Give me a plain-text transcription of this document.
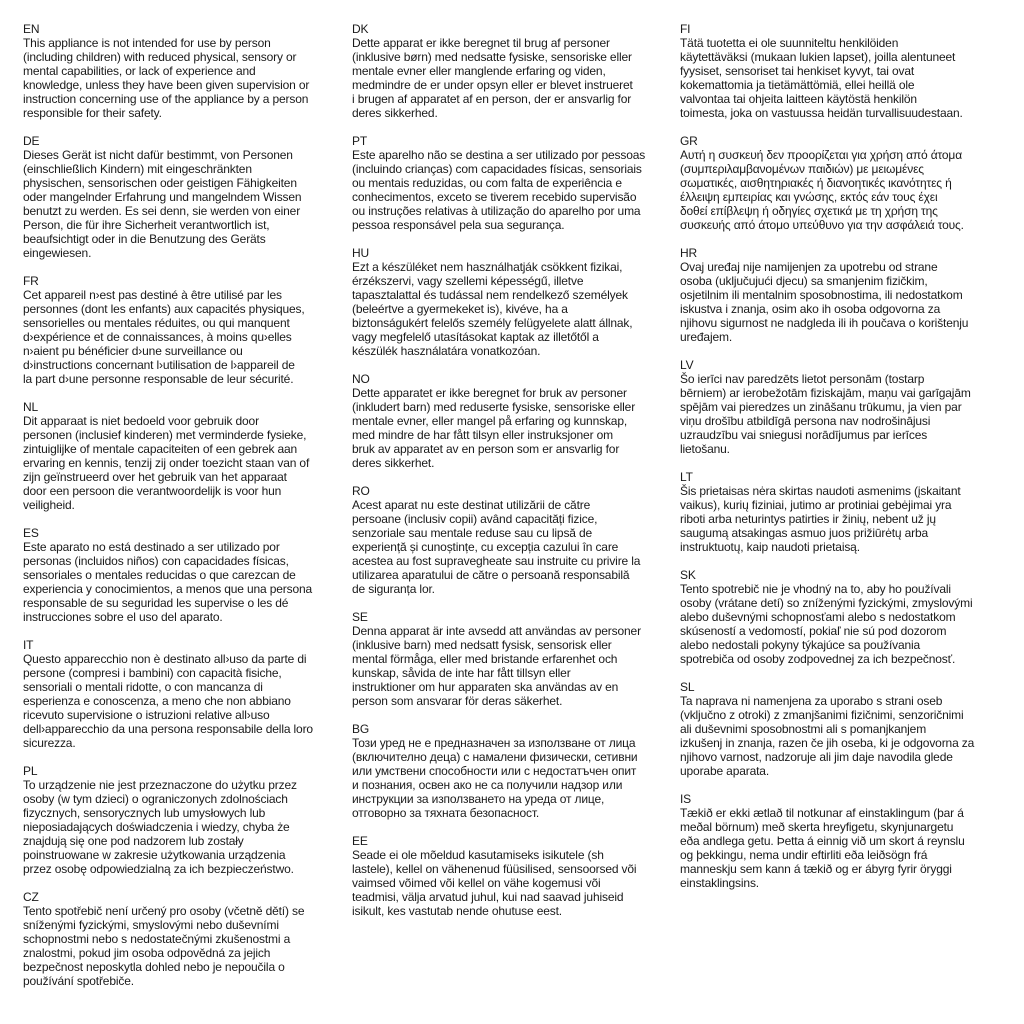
EN
This appliance is not intended for use by person
(including children) with reduced physical, sensory or
mental capabilities, or lack of experience and
knowledge, unless they have been given supervision or
instruction concerning use of the appliance by a person
responsible for their safety.
DE
Dieses Gerät ist nicht dafür bestimmt, von Personen
(einschließlich Kindern) mit eingeschränkten
physischen, sensorischen oder geistigen Fähigkeiten
oder mangelnder Erfahrung und mangelndem Wissen
benutzt zu werden. Es sei denn, sie werden von einer
Person, die für ihre Sicherheit verantwortlich ist,
beaufsichtigt oder in die Benutzung des Geräts
eingewiesen.
FR
Cet appareil n›est pas destiné à être utilisé par les
personnes (dont les enfants) aux capacités physiques,
sensorielles ou mentales réduites, ou qui manquent
d›expérience et de connaissances, à moins qu›elles
n›aient pu bénéficier d›une surveillance ou
d›instructions concernant l›utilisation de l›appareil de
la part d›une personne responsable de leur sécurité.
NL
Dit apparaat is niet bedoeld voor gebruik door
personen (inclusief kinderen) met verminderde fysieke,
zintuiglijke of mentale capaciteiten of een gebrek aan
ervaring en kennis, tenzij zij onder toezicht staan van of
zijn geïnstrueerd over het gebruik van het apparaat
door een persoon die verantwoordelijk is voor hun
veiligheid.
ES
Este aparato no está destinado a ser utilizado por
personas (incluidos niños) con capacidades físicas,
sensoriales o mentales reducidas o que carezcan de
experiencia y conocimientos, a menos que una persona
responsable de su seguridad les supervise o les dé
instrucciones sobre el uso del aparato.
IT
Questo apparecchio non è destinato all›uso da parte di
persone (compresi i bambini) con capacità fisiche,
sensoriali o mentali ridotte, o con mancanza di
esperienza e conoscenza, a meno che non abbiano
ricevuto supervisione o istruzioni relative all›uso
dell›apparecchio da una persona responsabile della loro
sicurezza.
PL
To urządzenie nie jest przeznaczone do użytku przez
osoby (w tym dzieci) o ograniczonych zdolnościach
fizycznych, sensorycznych lub umysłowych lub
nieposiadających doświadczenia i wiedzy, chyba że
znajdują się one pod nadzorem lub zostały
poinstruowane w zakresie użytkowania urządzenia
przez osobę odpowiedzialną za ich bezpieczeństwo.
CZ
Tento spotřebič není určený pro osoby (včetně dětí) se
sníženými fyzickými, smyslovými nebo duševními
schopnostmi nebo s nedostatečnými zkušenostmi a
znalostmi, pokud jim osoba odpovědná za jejich
bezpečnost neposkytla dohled nebo je nepoučila o
používání spotřebiče.
DK
Dette apparat er ikke beregnet til brug af personer
(inklusive børn) med nedsatte fysiske, sensoriske eller
mentale evner eller manglende erfaring og viden,
medmindre de er under opsyn eller er blevet instrueret
i brugen af apparatet af en person, der er ansvarlig for
deres sikkerhed.
PT
Este aparelho não se destina a ser utilizado por pessoas
(incluindo crianças) com capacidades físicas, sensoriais
ou mentais reduzidas, ou com falta de experiência e
conhecimentos, exceto se tiverem recebido supervisão
ou instruções relativas à utilização do aparelho por uma
pessoa responsável pela sua segurança.
HU
Ezt a készüléket nem használhatják csökkent fizikai,
érzékszervi, vagy szellemi képességű, illetve
tapasztalattal és tudással nem rendelkező személyek
(beleértve a gyermekeket is), kivéve, ha a
biztonságukért felelős személy felügyelete alatt állnak,
vagy megfelelő utasításokat kaptak az illetőtől a
készülék használatára vonatkozóan.
NO
Dette apparatet er ikke beregnet for bruk av personer
(inkludert barn) med reduserte fysiske, sensoriske eller
mentale evner, eller mangel på erfaring og kunnskap,
med mindre de har fått tilsyn eller instruksjoner om
bruk av apparatet av en person som er ansvarlig for
deres sikkerhet.
RO
Acest aparat nu este destinat utilizării de către
persoane (inclusiv copii) având capacități fizice,
senzoriale sau mentale reduse sau cu lipsă de
experiență și cunoștințe, cu excepția cazului în care
acestea au fost supravegheate sau instruite cu privire la
utilizarea aparatului de către o persoană responsabilă
de siguranța lor.
SE
Denna apparat är inte avsedd att användas av personer
(inklusive barn) med nedsatt fysisk, sensorisk eller
mental förmåga, eller med bristande erfarenhet och
kunskap, såvida de inte har fått tillsyn eller
instruktioner om hur apparaten ska användas av en
person som ansvarar för deras säkerhet.
BG
Този уред не е предназначен за използване от лица
(включително деца) с намалени физически, сетивни
или умствени способности или с недостатъчен опит
и познания, освен ако не са получили надзор или
инструкции за използването на уреда от лице,
отговорно за тяхната безопасност.
EE
Seade ei ole mõeldud kasutamiseks isikutele (sh
lastele), kellel on vähenenud füüsilised, sensoorsed või
vaimsed võimed või kellel on vähe kogemusi või
teadmisi, välja arvatud juhul, kui nad saavad juhiseid
isikult, kes vastutab nende ohutuse eest.
FI
Tätä tuotetta ei ole suunniteltu henkilöiden
käytettäväksi (mukaan lukien lapset), joilla alentuneet
fyysiset, sensoriset tai henkiset kyvyt, tai ovat
kokemattomia ja tietämättömiä, ellei heillä ole
valvontaa tai ohjeita laitteen käytöstä henkilön
toimesta, joka on vastuussa heidän turvallisuudestaan.
GR
Αυτή η συσκευή δεν προορίζεται για χρήση από άτομα
(συμπεριλαμβανομένων παιδιών) με μειωμένες
σωματικές, αισθητηριακές ή διανοητικές ικανότητες ή
έλλειψη εμπειρίας και γνώσης, εκτός εάν τους έχει
δοθεί επίβλεψη ή οδηγίες σχετικά με τη χρήση της
συσκευής από άτομο υπεύθυνο για την ασφάλειά τους.
HR
Ovaj uređaj nije namijenjen za upotrebu od strane
osoba (uključujući djecu) sa smanjenim fizičkim,
osjetilnim ili mentalnim sposobnostima, ili nedostatkom
iskustva i znanja, osim ako ih osoba odgovorna za
njihovu sigurnost ne nadgleda ili ih poučava o korištenju
uređajem.
LV
Šo ierīci nav paredzēts lietot personām (tostarp
bērniem) ar ierobežotām fiziskajām, maņu vai garīgajām
spējām vai pieredzes un zināšanu trūkumu, ja vien par
viņu drošību atbildīgā persona nav nodrošinājusi
uzraudzību vai sniegusi norādījumus par ierīces
lietošanu.
LT
Šis prietaisas nėra skirtas naudoti asmenims (įskaitant
vaikus), kurių fiziniai, jutimo ar protiniai gebėjimai yra
riboti arba neturintys patirties ir žinių, nebent už jų
saugumą atsakingas asmuo juos prižiūrėtų arba
instruktuotų, kaip naudoti prietaisą.
SK
Tento spotrebič nie je vhodný na to, aby ho používali
osoby (vrátane detí) so zníženými fyzickými, zmyslovými
alebo duševnými schopnosťami alebo s nedostatkom
skúseností a vedomostí, pokiaľ nie sú pod dozorom
alebo nedostali pokyny týkajúce sa používania
spotrebiča od osoby zodpovednej za ich bezpečnosť.
SL
Ta naprava ni namenjena za uporabo s strani oseb
(vključno z otroki) z zmanjšanimi fizičnimi, senzoričnimi
ali duševnimi sposobnostmi ali s pomanjkanjem
izkušenj in znanja, razen če jih oseba, ki je odgovorna za
njihovo varnost, nadzoruje ali jim daje navodila glede
uporabe aparata.
IS
Tækið er ekki ætlað til notkunar af einstaklingum (þar á
meðal börnum) með skerta hreyfigetu, skynjunargetu
eða andlega getu. Þetta á einnig við um skort á reynslu
og þekkingu, nema undir eftirliti eða leiðsögn frá
manneskju sem kann á tækið og er ábyrg fyrir öryggi
einstaklingsins.
